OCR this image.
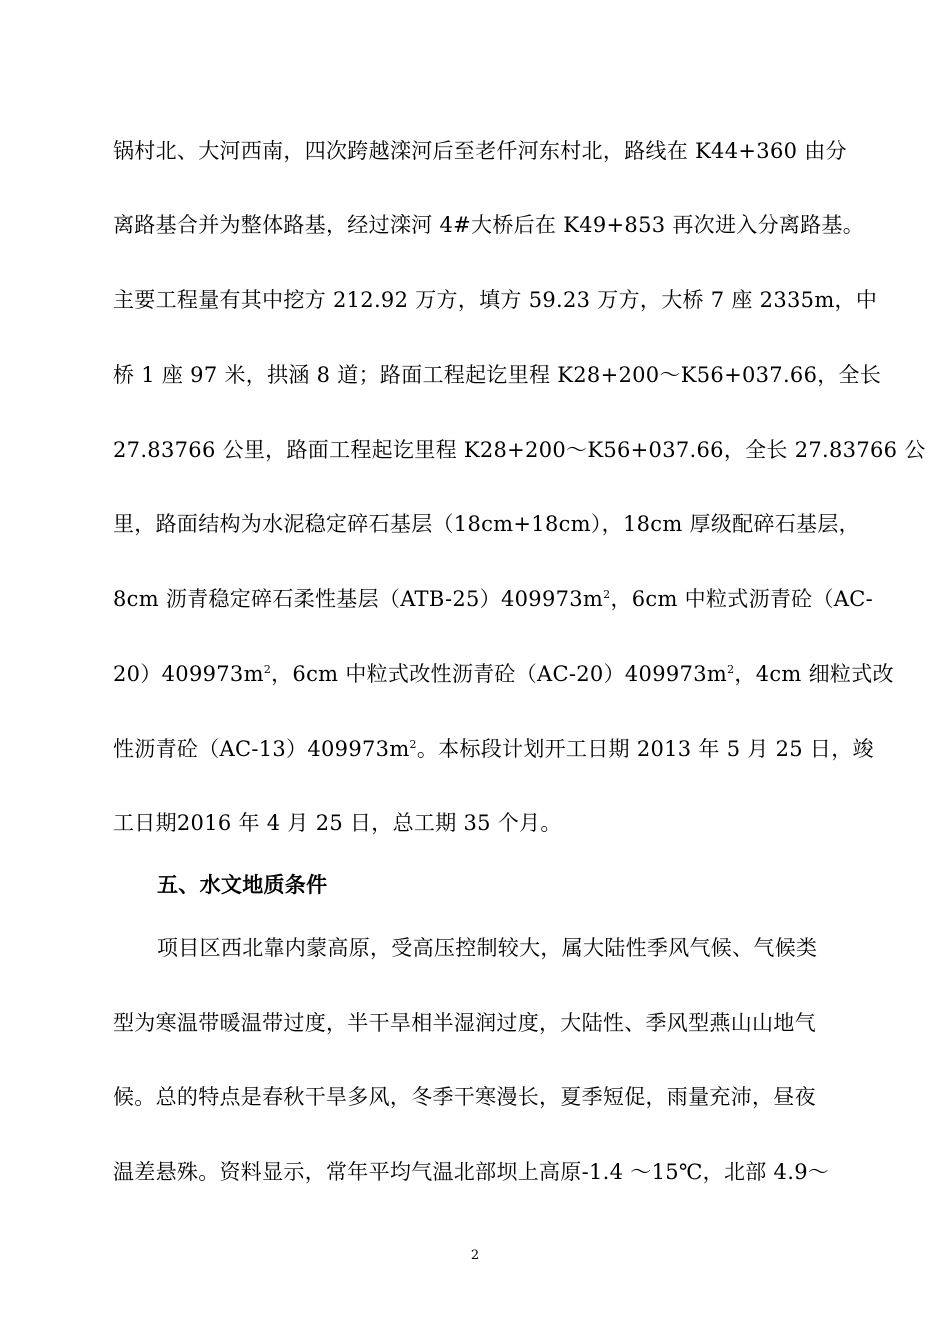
锅村北、大河西南，四次跨越滦河后至老仟河东村北，路线在 K44+360 由分
离路基合并为整体路基，经过滦河 4#大桥后在 K49+853 再次进入分离路基。
主要工程量有其中挖方 212.92 万方，填方 59.23 万方，大桥 7 座 2335m，中
桥 1 座 97 米，拱涵 8 道；路面工程起讫里程 K28+200～K56+037.66，全长
27.83766 公里，路面工程起讫里程 K28+200～K56+037.66，全长 27.83766 公
里，路面结构为水泥稳定碎石基层（18cm+18cm），18cm 厚级配碎石基层，
8cm 沥青稳定碎石柔性基层$(ATB-25)409973m^2$，6cm 中粒式沥青砼（AC-
$20)409973m^2$，6cm 中粒式改性沥青砼$(AC-20)409973m^2$，4cm 细粒式改
性沥青砼$(AC-13)409973m^2$。本标段计划开工日期 2013 年 5 月 25 日，竣
工日期2016 年 4 月 25 日，总工期 35 个月。
五、水文地质条件
项目区西北靠内蒙高原，受高压控制较大，属大陆性季风气候、气候类
型为寒温带暖温带过度，半干旱相半湿润过度，大陆性、季风型燕山山地气
候。总的特点是春秋干旱多风，冬季干寒漫长，夏季短促，雨量充沛，昼夜
温差悬殊。资料显示，常年平均气温北部坝上高原-1.4 ～15℃，北部 4.9～
2
